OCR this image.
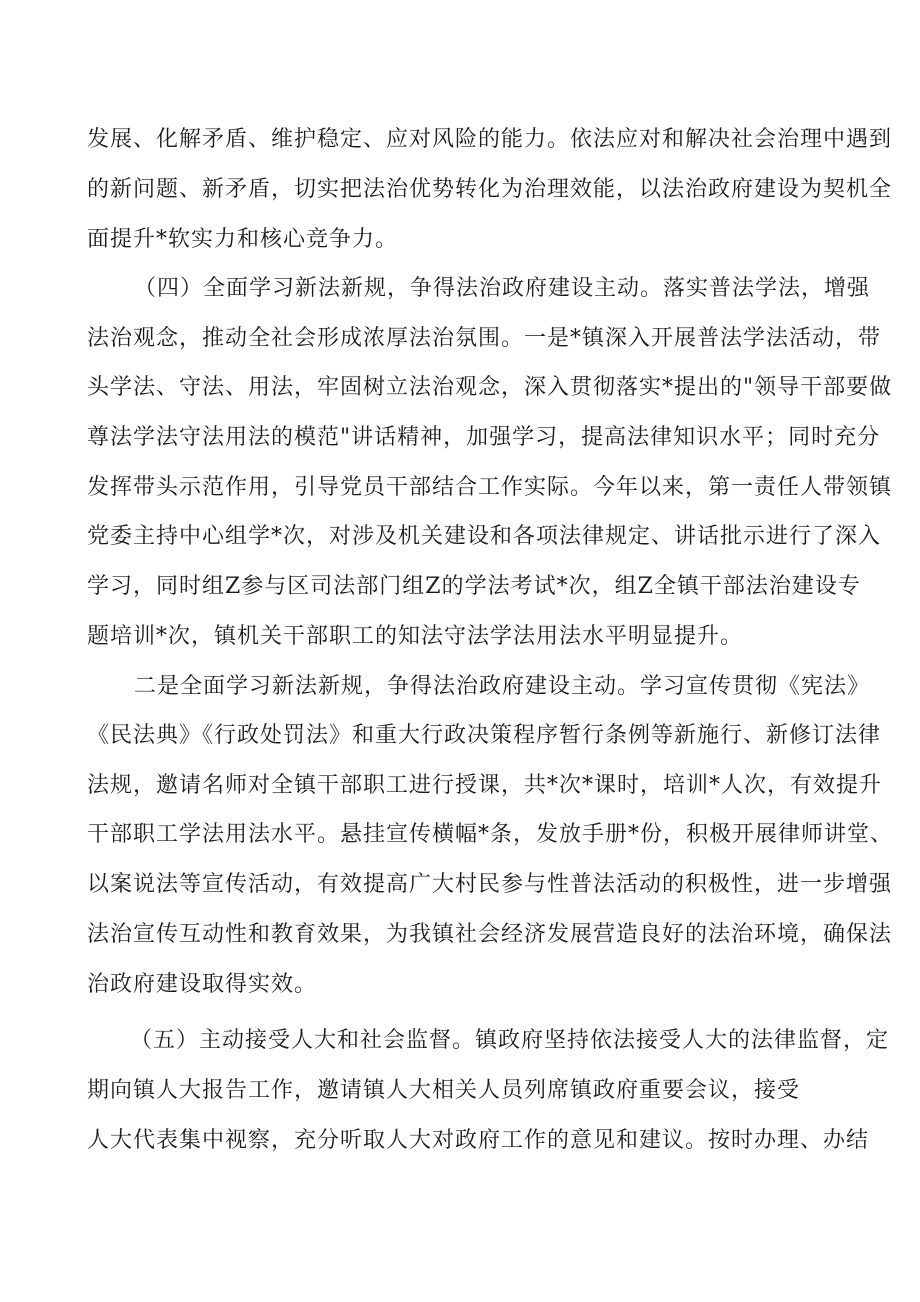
发展、化解矛盾、维护稳定、应对风险的能力。依法应对和解决社会治理中遇到
的新问题、新矛盾，切实把法治优势转化为治理效能，以法治政府建设为契机全
面提升*软实力和核心竞争力。
（四）全面学习新法新规，争得法治政府建设主动。落实普法学法，增强
法治观念，推动全社会形成浓厚法治氛围。一是*镇深入开展普法学法活动，带
头学法、守法、用法，牢固树立法治观念，深入贯彻落实*提出的"领导干部要做
尊法学法守法用法的模范"讲话精神，加强学习，提高法律知识水平；同时充分
发挥带头示范作用，引导党员干部结合工作实际。今年以来，第一责任人带领镇
党委主持中心组学*次，对涉及机关建设和各项法律规定、讲话批示进行了深入
学习，同时组Z参与区司法部门组Z的学法考试*次，组Z全镇干部法治建设专
题培训*次，镇机关干部职工的知法守法学法用法水平明显提升。
二是全面学习新法新规，争得法治政府建设主动。学习宣传贯彻《宪法》
《民法典》《行政处罚法》和重大行政决策程序暂行条例等新施行、新修订法律
法规，邀请名师对全镇干部职工进行授课，共*次*课时，培训*人次，有效提升
干部职工学法用法水平。悬挂宣传横幅*条，发放手册*份，积极开展律师讲堂、
以案说法等宣传活动，有效提高广大村民参与性普法活动的积极性，进一步增强
法治宣传互动性和教育效果，为我镇社会经济发展营造良好的法治环境，确保法
治政府建设取得实效。
（五）主动接受人大和社会监督。镇政府坚持依法接受人大的法律监督，定
期向镇人大报告工作，邀请镇人大相关人员列席镇政府重要会议，接受
人大代表集中视察，充分听取人大对政府工作的意见和建议。按时办理、办结
